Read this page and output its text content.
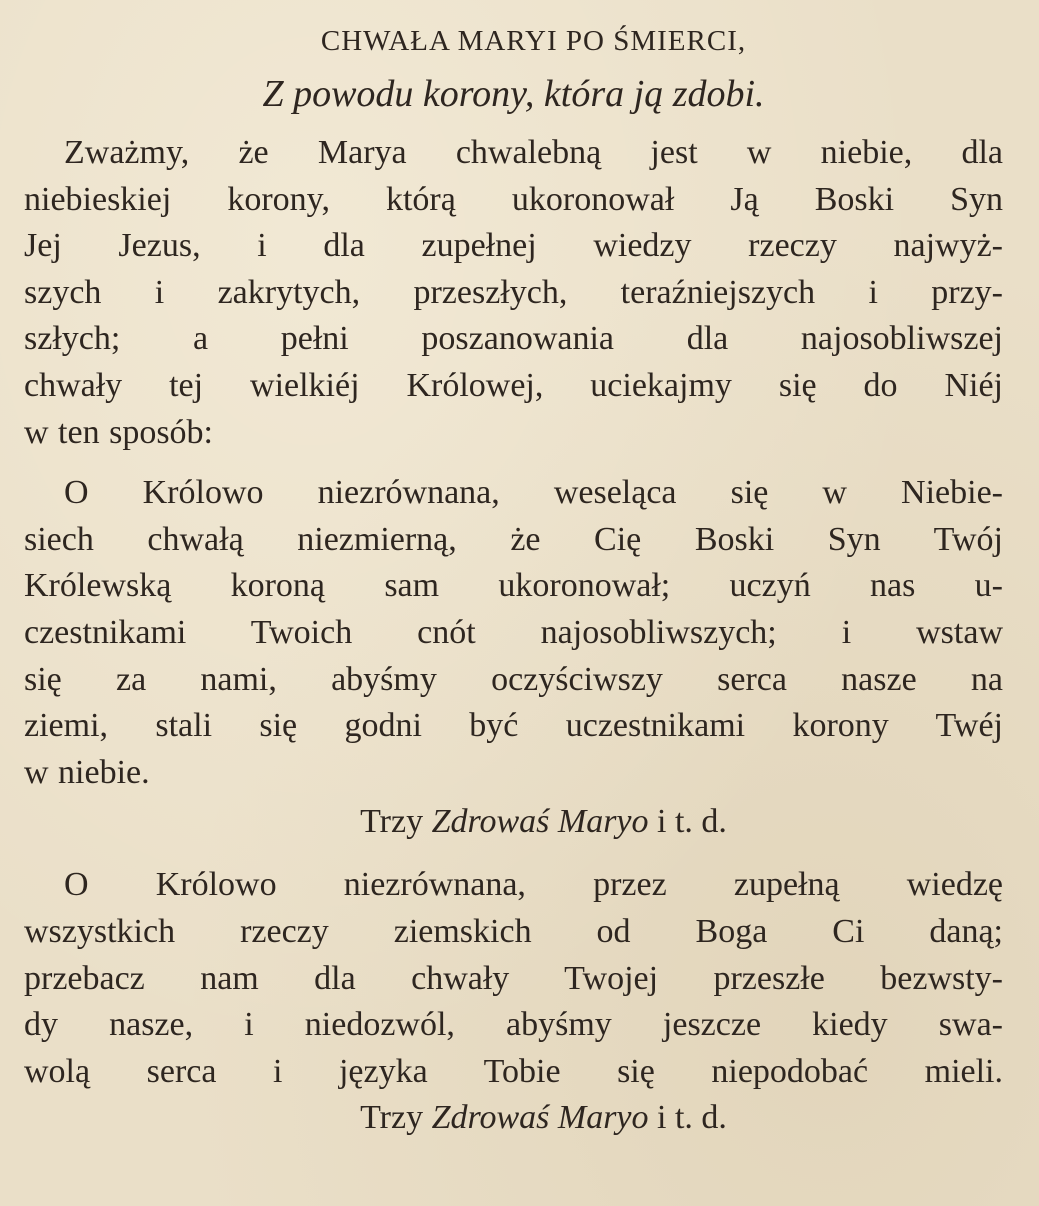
CHWAŁA MARYI PO ŚMIERCI,
Z powodu korony, która ją zdobi.
Zważmy, że Marya chwalebną jest w niebie, dla
niebieskiej korony, którą ukoronował Ją Boski Syn
Jej Jezus, i dla zupełnej wiedzy rzeczy najwyż-
szych i zakrytych, przeszłych, teraźniejszych i przy-
szłych; a pełni poszanowania dla najosobliwszej
chwały tej wielkiéj Królowej, uciekajmy się do Niéj
w ten sposób:
O Królowo niezrównana, weseląca się w Niebie-
siech chwałą niezmierną, że Cię Boski Syn Twój
Królewską koroną sam ukoronował; uczyń nas u-
czestnikami Twoich cnót najosobliwszych; i wstaw
się za nami, abyśmy oczyściwszy serca nasze na
ziemi, stali się godni być uczestnikami korony Twéj
w niebie.
Trzy Zdrowaś Maryo i t. d.
O Królowo niezrównana, przez zupełną wiedzę
wszystkich rzeczy ziemskich od Boga Ci daną;
przebacz nam dla chwały Twojej przeszłe bezwsty-
dy nasze, i niedozwól, abyśmy jeszcze kiedy swa-
wolą serca i języka Tobie się niepodobać mieli.
Trzy Zdrowaś Maryo i t. d.
